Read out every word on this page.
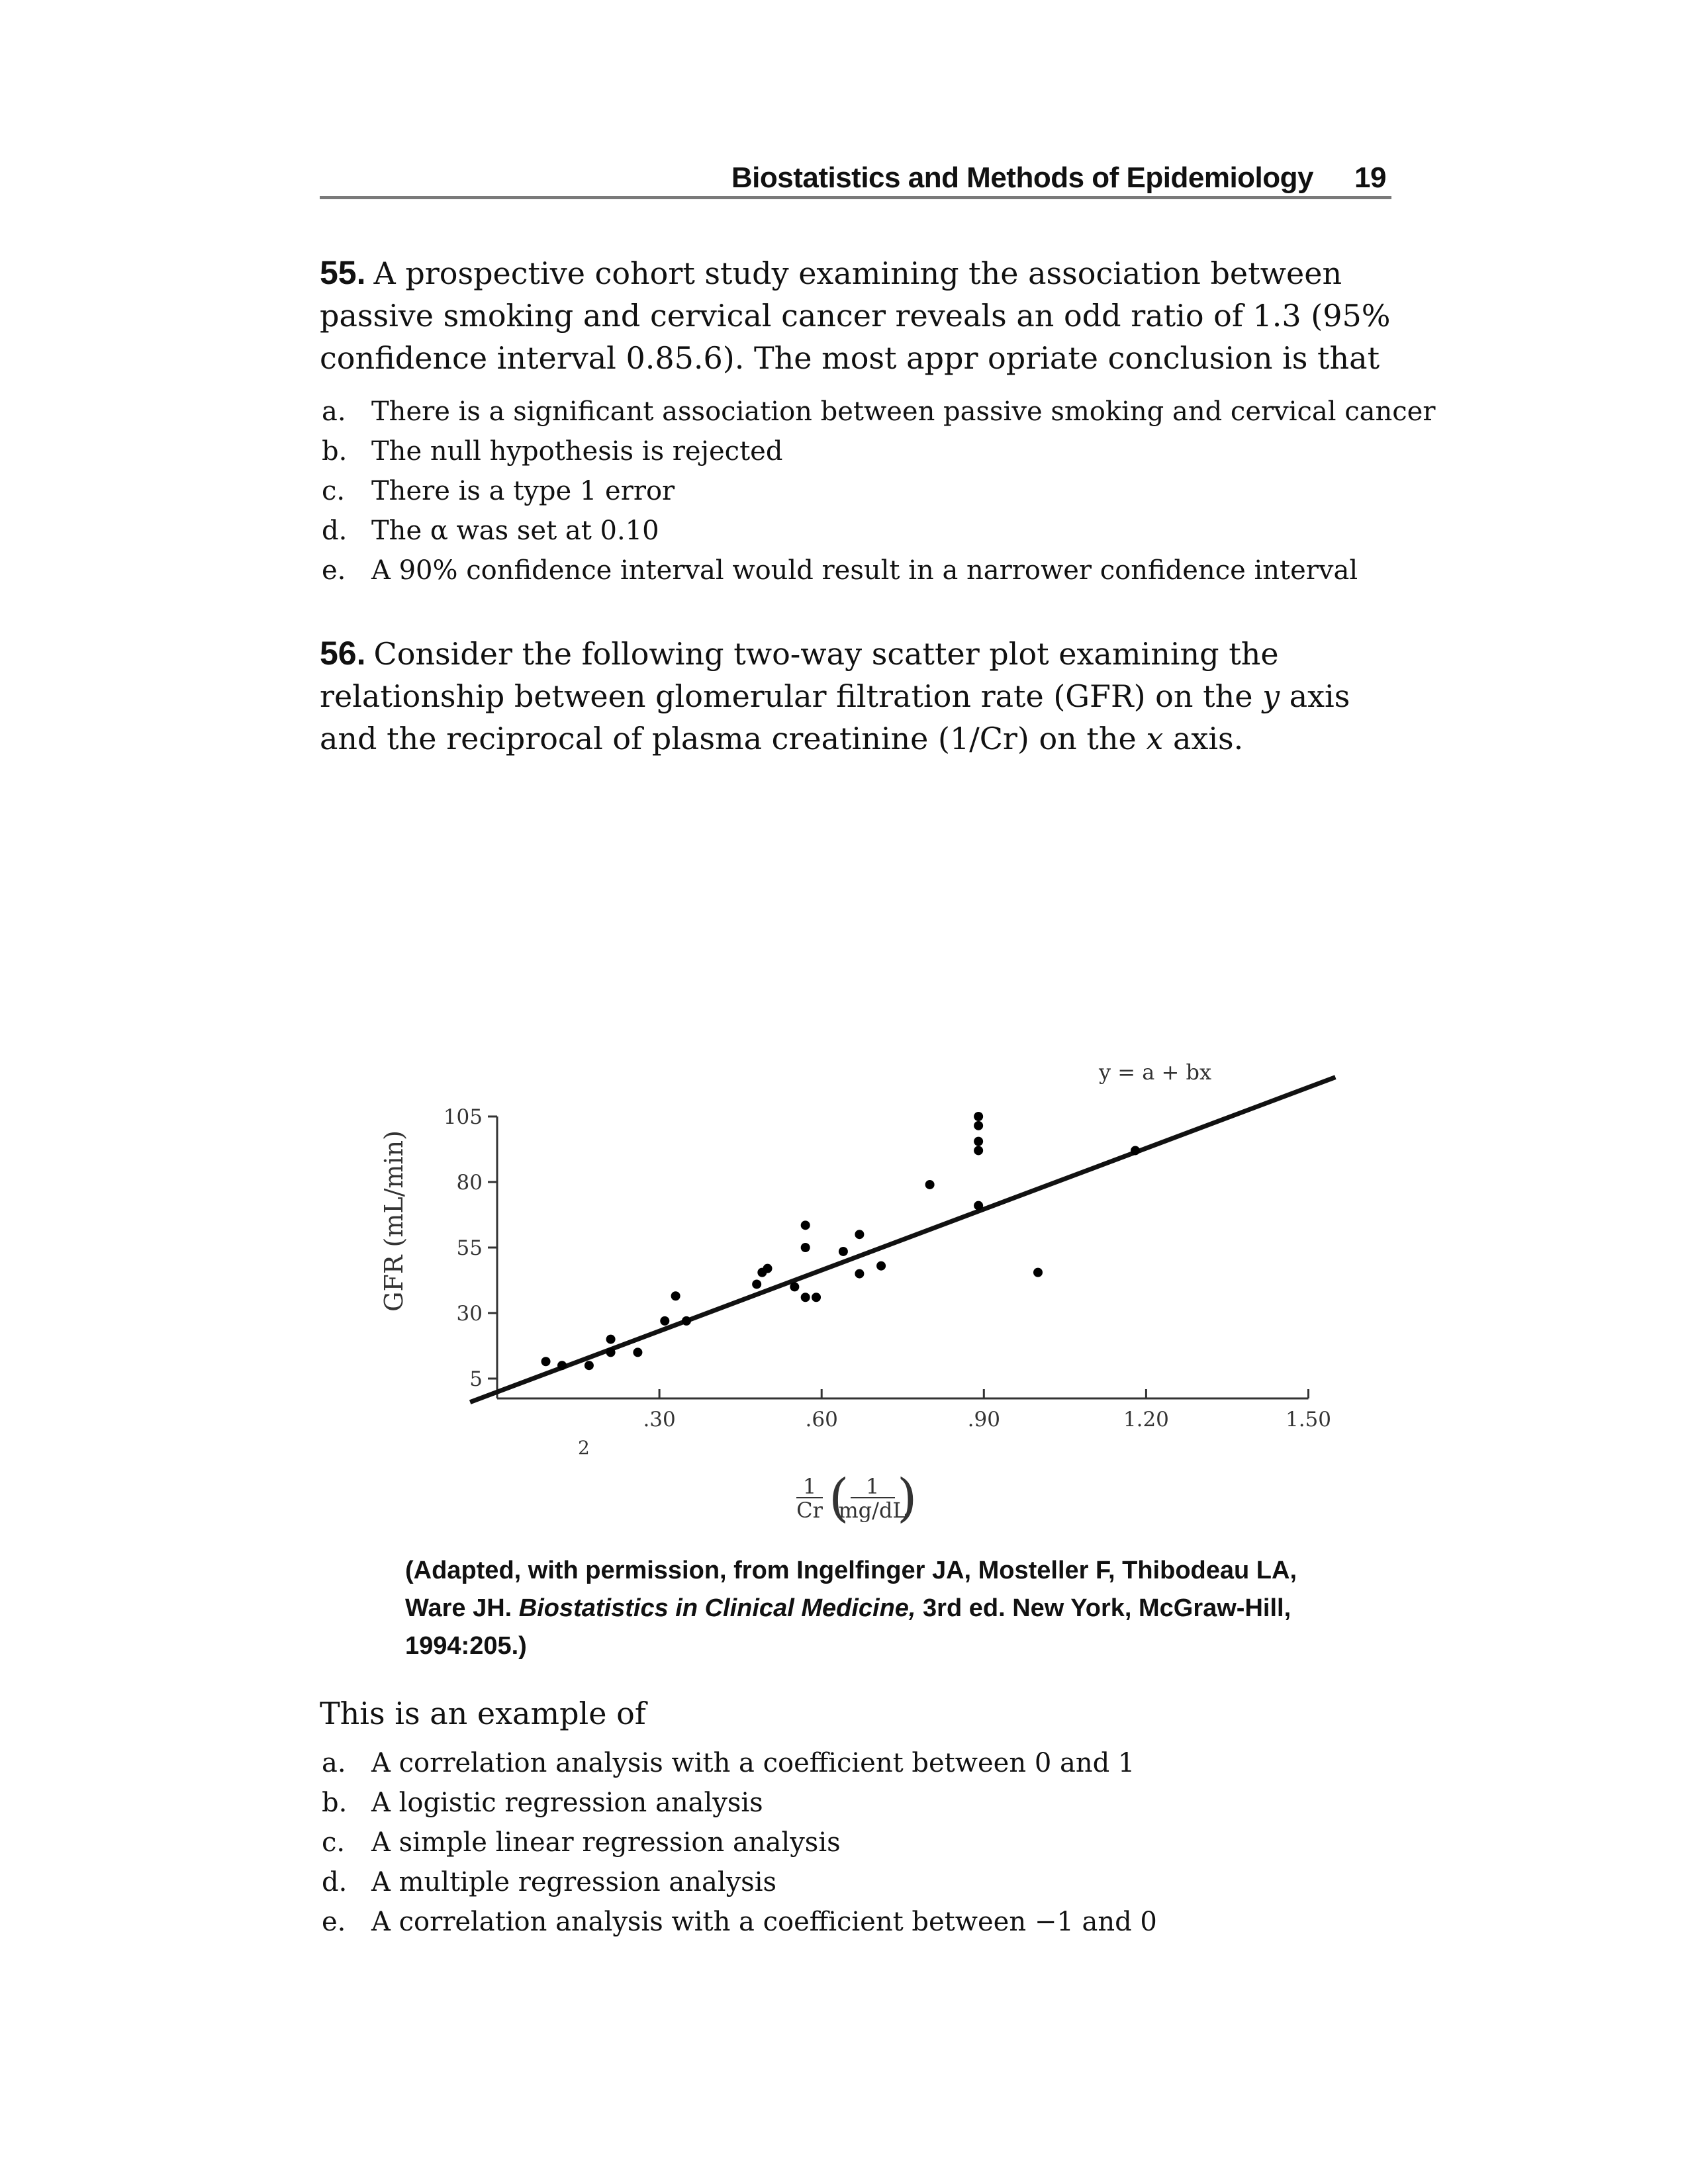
Biostatistics and Methods of Epidemiology 19
55. A prospective cohort study examining the association between passive smoking and cervical cancer reveals an odd ratio of 1.3 (95% confidence interval 0.85.6). The most appr opriate conclusion is that
a. There is a significant association between passive smoking and cervical cancer
b. The null hypothesis is rejected
c. There is a type 1 error
d. The α was set at 0.10
e. A 90% confidence interval would result in a narrower confidence interval
56. Consider the following two-way scatter plot examining the relationship between glomerular filtration rate (GFR) on the y axis and the reciprocal of plasma creatinine (1/Cr) on the x axis.
5
30
55
80
105
.30	.60	.90	1.20	1.50
y = a + bx
2
GFR (mL/min)
1
Cr ( 1
mg/dL
)
(Adapted, with permission, from Ingelfinger JA, Mosteller F, Thibodeau LA, Ware JH. Biostatistics in Clinical Medicine, 3rd ed. New York, McGraw-Hill, 1994:205.)
This is an example of
a. A correlation analysis with a coefficient between 0 and 1
b. A logistic regression analysis
c. A simple linear regression analysis
d. A multiple regression analysis
e. A correlation analysis with a coefficient between −1 and 0
